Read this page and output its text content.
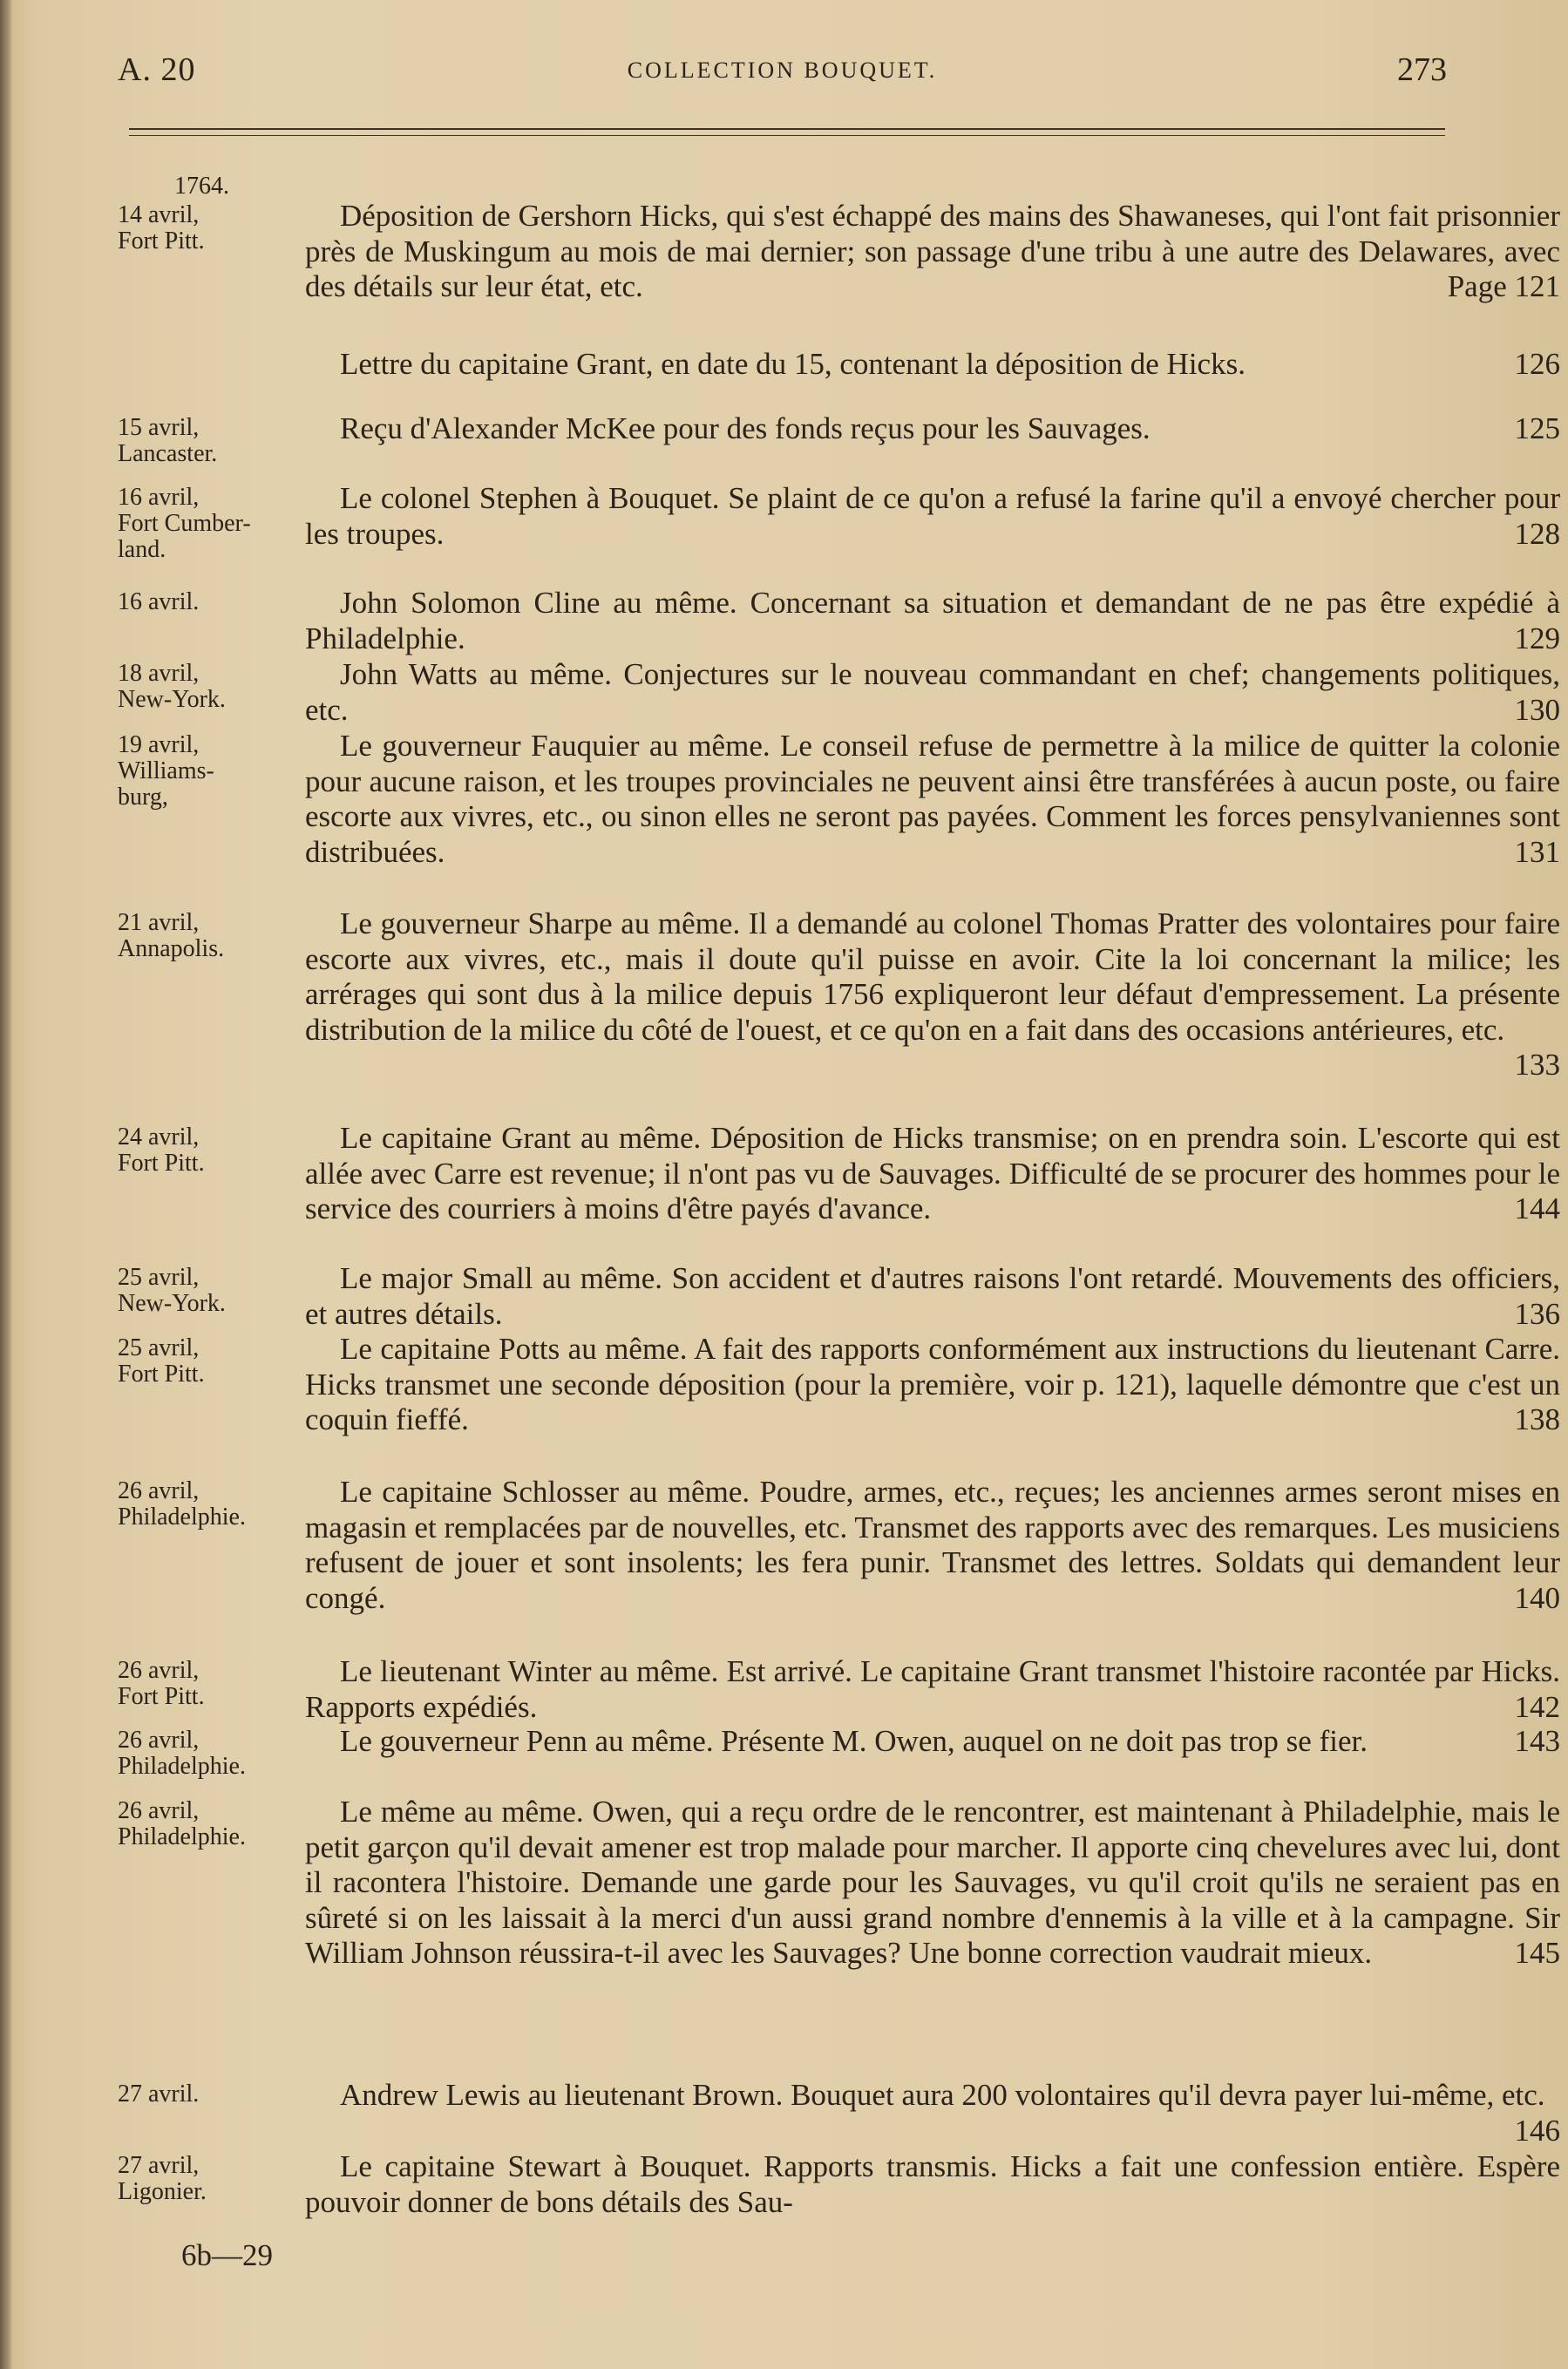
A. 20	COLLECTION BOUQUET.	273
1764.
14 avril,
Fort Pitt.

Déposition de Gershorn Hicks, qui s'est échappé des mains des Shawaneses, qui l'ont fait prisonnier près de Muskingum au mois de mai dernier; son passage d'une tribu à une autre des Delawares, avec des détails sur leur état, etc.	Page 121

Lettre du capitaine Grant, en date du 15, contenant la déposition de Hicks.	126

15 avril,
Lancaster.

Reçu d'Alexander McKee pour des fonds reçus pour les Sauvages.	125

16 avril,
Fort Cumber-
land.

Le colonel Stephen à Bouquet. Se plaint de ce qu'on a refusé la farine qu'il a envoyé chercher pour les troupes.	128

16 avril.	John Solomon Cline au même. Concernant sa situation et demandant de ne pas être expédié à Philadelphie.	129

18 avril,
New-York.

John Watts au même. Conjectures sur le nouveau commandant en chef; changements politiques, etc.	130

19 avril,
Williams-
burg,

Le gouverneur Fauquier au même. Le conseil refuse de permettre à la milice de quitter la colonie pour aucune raison, et les troupes provinciales ne peuvent ainsi être transférées à aucun poste, ou faire escorte aux vivres, etc., ou sinon elles ne seront pas payées. Comment les forces pensylvaniennes sont distribuées.	131

21 avril,
Annapolis.

Le gouverneur Sharpe au même. Il a demandé au colonel Thomas Pratter des volontaires pour faire escorte aux vivres, etc., mais il doute qu'il puisse en avoir. Cite la loi concernant la milice; les arrérages qui sont dus à la milice depuis 1756 expliqueront leur défaut d'empressement. La présente distribution de la milice du côté de l'ouest, et ce qu'on en a fait dans des occasions antérieures, etc.
133

24 avril,
Fort Pitt.

Le capitaine Grant au même. Déposition de Hicks transmise; on en prendra soin. L'escorte qui est allée avec Carre est revenue; il n'ont pas vu de Sauvages. Difficulté de se procurer des hommes pour le service des courriers à moins d'être payés d'avance.	144

25 avril,
New-York.

Le major Small au même. Son accident et d'autres raisons l'ont retardé. Mouvements des officiers, et autres détails.	136

25 avril,
Fort Pitt.

Le capitaine Potts au même. A fait des rapports conformément aux instructions du lieutenant Carre. Hicks transmet une seconde déposition (pour la première, voir p. 121), laquelle démontre que c'est un coquin fieffé.	138

26 avril,
Philadelphie.

Le capitaine Schlosser au même. Poudre, armes, etc., reçues; les anciennes armes seront mises en magasin et remplacées par de nouvelles, etc. Transmet des rapports avec des remarques. Les musiciens refusent de jouer et sont insolents; les fera punir. Transmet des lettres. Soldats qui demandent leur congé.	140

26 avril,
Fort Pitt.

Le lieutenant Winter au même. Est arrivé. Le capitaine Grant transmet l'histoire racontée par Hicks. Rapports expédiés.	142

26 avril,
Philadelphie.

Le gouverneur Penn au même. Présente M. Owen, auquel on ne doit pas trop se fier.	143

26 avril,
Philadelphie.

Le même au même. Owen, qui a reçu ordre de le rencontrer, est maintenant à Philadelphie, mais le petit garçon qu'il devait amener est trop malade pour marcher. Il apporte cinq chevelures avec lui, dont il racontera l'histoire. Demande une garde pour les Sauvages, vu qu'il croit qu'ils ne seraient pas en sûreté si on les laissait à la merci d'un aussi grand nombre d'ennemis à la ville et à la campagne. Sir William Johnson réussira-t-il avec les Sauvages? Une bonne correction vaudrait mieux.	145

27 avril.	Andrew Lewis au lieutenant Brown. Bouquet aura 200 volontaires qu'il devra payer lui-même, etc.
146

27 avril,
Ligonier.

Le capitaine Stewart à Bouquet. Rapports transmis. Hicks a fait une confession entière. Espère pouvoir donner de bons détails des Sau-

6b—29
